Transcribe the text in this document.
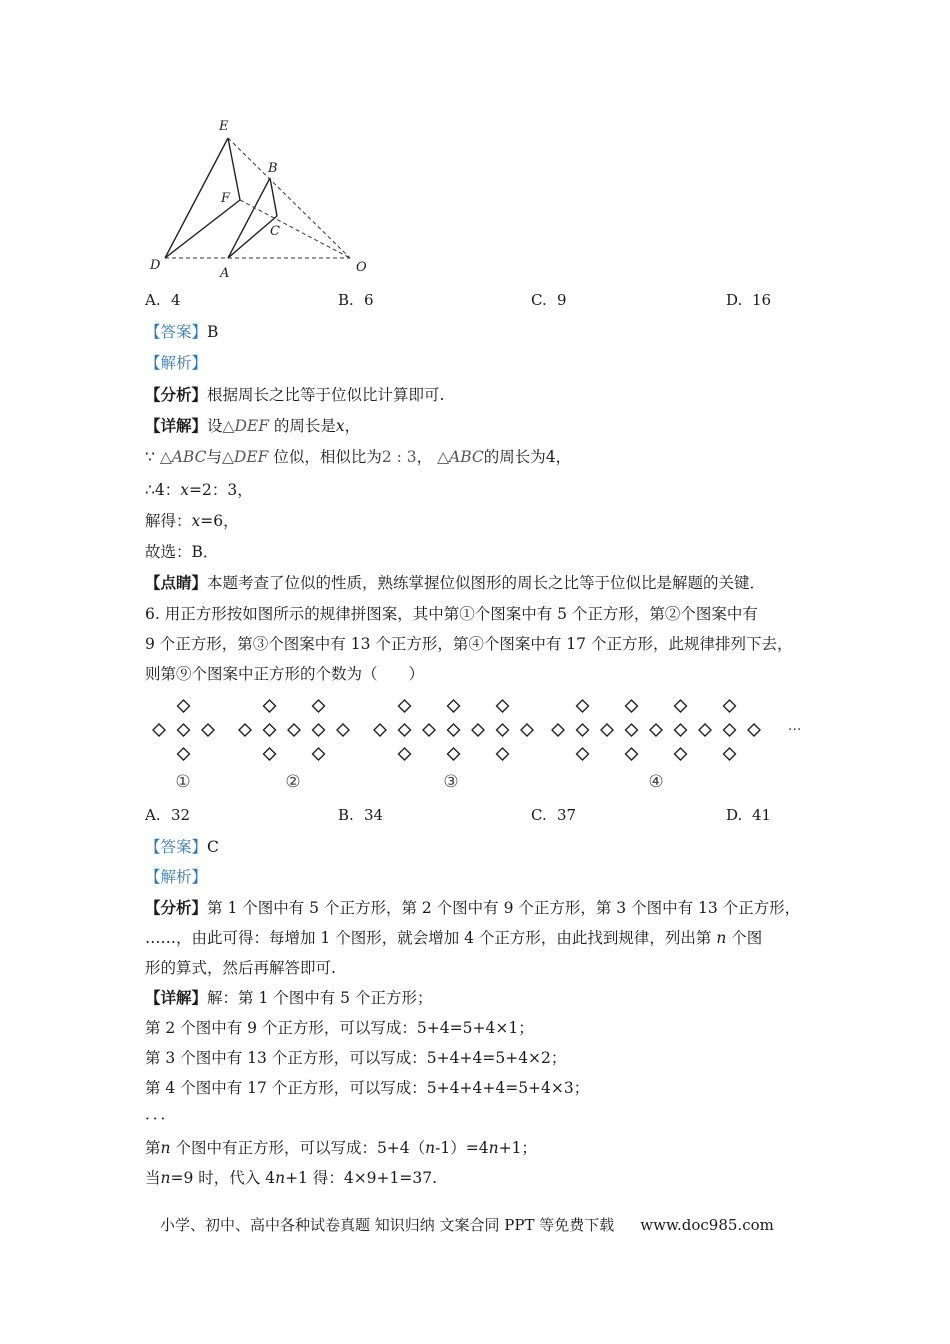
E
B
F
C
D
A	O
A. 4	B. 6	C. 9	D. 16
【答案】B
【解析】
【分析】根据周长之比等于位似比计算即可.
【详解】设△DEF 的周长是x，
∵ △ABC与△DEF 位似，相似比为2 : 3， △ABC的周长为4，
∴4：x=2：3，
解得：x=6，
故选：B．
【点睛】本题考查了位似的性质，熟练掌握位似图形的周长之比等于位似比是解题的关键．
6. 用正方形按如图所示的规律拼图案，其中第①个图案中有 5 个正方形，第②个图案中有
9 个正方形，第③个图案中有 13 个正方形，第④个图案中有 17 个正方形，此规律排列下去，
则第⑨个图案中正方形的个数为（　　）
①	②	③	④
···
A. 32	B. 34	C. 37	D. 41
【答案】C
【解析】
【分析】第 1 个图中有 5 个正方形，第 2 个图中有 9 个正方形，第 3 个图中有 13 个正方形，
……，由此可得：每增加 1 个图形，就会增加 4 个正方形，由此找到规律，列出第 n 个图
形的算式，然后再解答即可.
【详解】解：第 1 个图中有 5 个正方形；
第 2 个图中有 9 个正方形，可以写成：5+4=5+4×1；
第 3 个图中有 13 个正方形，可以写成：5+4+4=5+4×2；
第 4 个图中有 17 个正方形，可以写成：5+4+4+4=5+4×3；
．．．
第n 个图中有正方形，可以写成：5+4（n-1）=4n+1；
当n=9 时，代入 4n+1 得：4×9+1=37.
小学、初中、高中各种试卷真题 知识归纳 文案合同 PPT 等免费下载 www.doc985.com
